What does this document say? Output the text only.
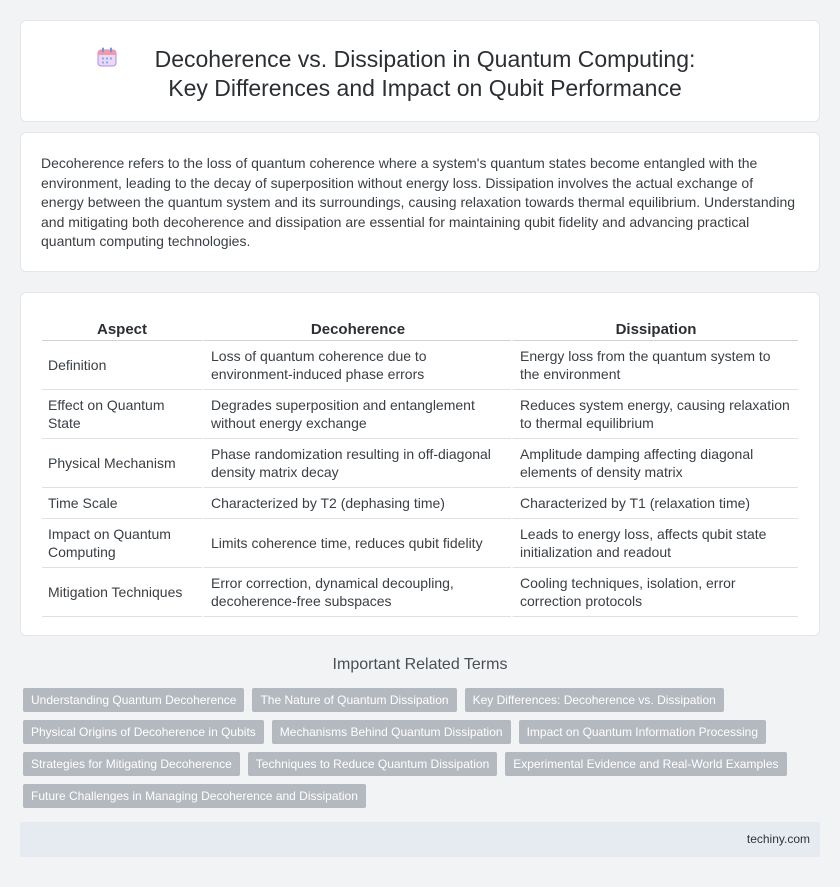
Decoherence vs. Dissipation in Quantum Computing: Key Differences and Impact on Qubit Performance

Decoherence refers to the loss of quantum coherence where a system's quantum states become entangled with the environment, leading to the decay of superposition without energy loss. Dissipation involves the actual exchange of energy between the quantum system and its surroundings, causing relaxation towards thermal equilibrium. Understanding and mitigating both decoherence and dissipation are essential for maintaining qubit fidelity and advancing practical quantum computing technologies.

Aspect	Decoherence	Dissipation
Definition	Loss of quantum coherence due to environment-induced phase errors	Energy loss from the quantum system to the environment
Effect on Quantum State	Degrades superposition and entanglement without energy exchange	Reduces system energy, causing relaxation to thermal equilibrium
Physical Mechanism	Phase randomization resulting in off-diagonal density matrix decay	Amplitude damping affecting diagonal elements of density matrix
Time Scale	Characterized by T2 (dephasing time)	Characterized by T1 (relaxation time)
Impact on Quantum Computing	Limits coherence time, reduces qubit fidelity	Leads to energy loss, affects qubit state initialization and readout
Mitigation Techniques	Error correction, dynamical decoupling, decoherence-free subspaces	Cooling techniques, isolation, error correction protocols
Important Related Terms
Understanding Quantum Decoherence	The Nature of Quantum Dissipation	Key Differences: Decoherence vs. Dissipation
Physical Origins of Decoherence in Qubits	Mechanisms Behind Quantum Dissipation	Impact on Quantum Information Processing
Strategies for Mitigating Decoherence	Techniques to Reduce Quantum Dissipation	Experimental Evidence and Real-World Examples
Future Challenges in Managing Decoherence and Dissipation
techiny.com
